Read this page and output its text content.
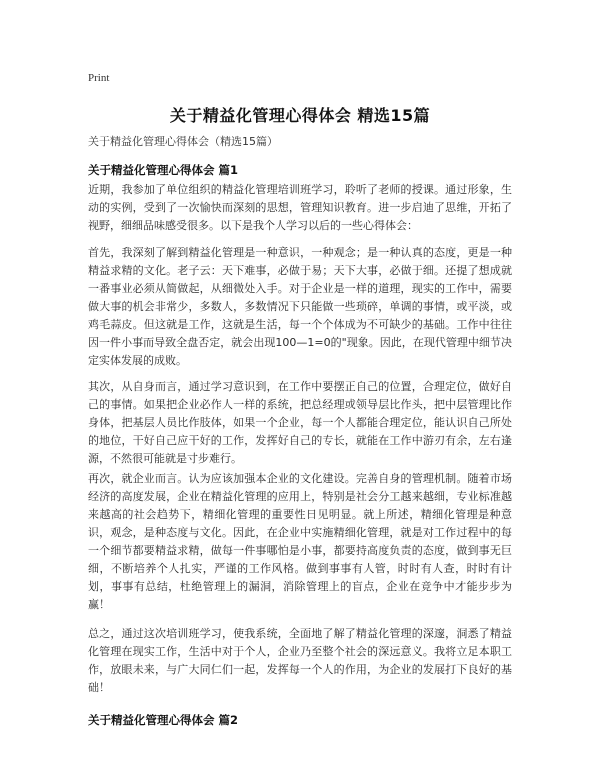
Print
关于精益化管理心得体会 精选15篇
关于精益化管理心得体会（精选15篇）
关于精益化管理心得体会 篇1

近期，我参加了单位组织的精益化管理培训班学习，聆听了老师的授课。通过形象，生动的实例，受到了一次愉快而深刻的思想，管理知识教育。进一步启迪了思维，开拓了视野，细细品味感受很多。以下是我个人学习以后的一些心得体会：

首先，我深刻了解到精益化管理是一种意识，一种观念；是一种认真的态度，更是一种精益求精的文化。老子云：天下难事，必做于易；天下大事，必做于细。还提了想成就一番事业必须从简做起，从细微处入手。对于企业是一样的道理，现实的工作中，需要做大事的机会非常少，多数人，多数情况下只能做一些琐碎，单调的事情，或平淡，或鸡毛蒜皮。但这就是工作，这就是生活，每一个个体成为不可缺少的基础。工作中往往因一件小事而导致全盘否定，就会出现100—1=0的"现象。因此，在现代管理中细节决定实体发展的成败。

其次，从自身而言，通过学习意识到，在工作中要摆正自己的位置，合理定位，做好自己的事情。如果把企业必作人一样的系统，把总经理或领导层比作头，把中层管理比作身体，把基层人员比作肢体，如果一个企业，每一个人都能合理定位，能认识自己所处的地位，干好自己应干好的工作，发挥好自己的专长，就能在工作中游刃有余，左右逢源，不然很可能就是寸步难行。

再次，就企业而言。认为应该加强本企业的文化建设。完善自身的管理机制。随着市场经济的高度发展，企业在精益化管理的应用上，特别是社会分工越来越细，专业标准越来越高的社会趋势下，精细化管理的重要性日见明显。就上所述，精细化管理是种意识，观念，是种态度与文化。因此，在企业中实施精细化管理，就是对工作过程中的每一个细节都要精益求精，做每一件事哪怕是小事，都要持高度负责的态度，做到事无巨细，不断培养个人扎实，严谨的工作风格。做到事事有人管，时时有人查，时时有计划，事事有总结，杜绝管理上的漏洞，消除管理上的盲点，企业在竞争中才能步步为赢！

总之，通过这次培训班学习，使我系统，全面地了解了精益化管理的深邃，洞悉了精益化管理在现实工作，生活中对于个人，企业乃至整个社会的深远意义。我将立足本职工作，放眼未来，与广大同仁们一起，发挥每一个人的作用，为企业的发展打下良好的基础！

关于精益化管理心得体会 篇2
